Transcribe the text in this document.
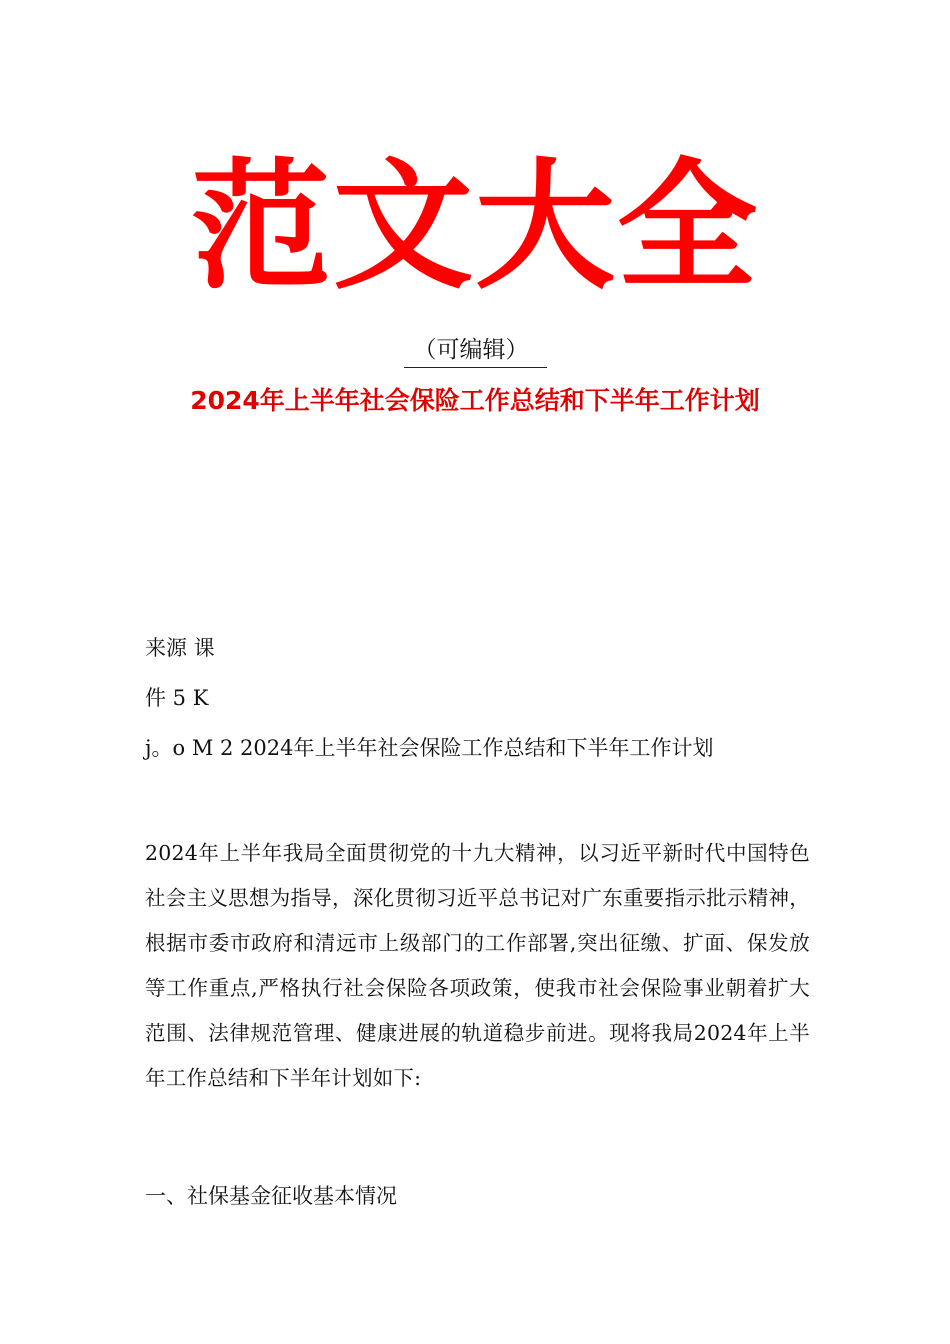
范文大全
（可编辑）
2024年上半年社会保险工作总结和下半年工作计划
来源 课
件 5 K
j。o M 2 2024年上半年社会保险工作总结和下半年工作计划
2024年上半年我局全面贯彻党的十九大精神，以习近平新时代中国特色社会主义思想为指导，深化贯彻习近平总书记对广东重要指示批示精神，根据市委市政府和清远市上级部门的工作部署,突出征缴、扩面、保发放等工作重点,严格执行社会保险各项政策，使我市社会保险事业朝着扩大范围、法律规范管理、健康进展的轨道稳步前进。现将我局2024年上半年工作总结和下半年计划如下:
一、社保基金征收基本情况
